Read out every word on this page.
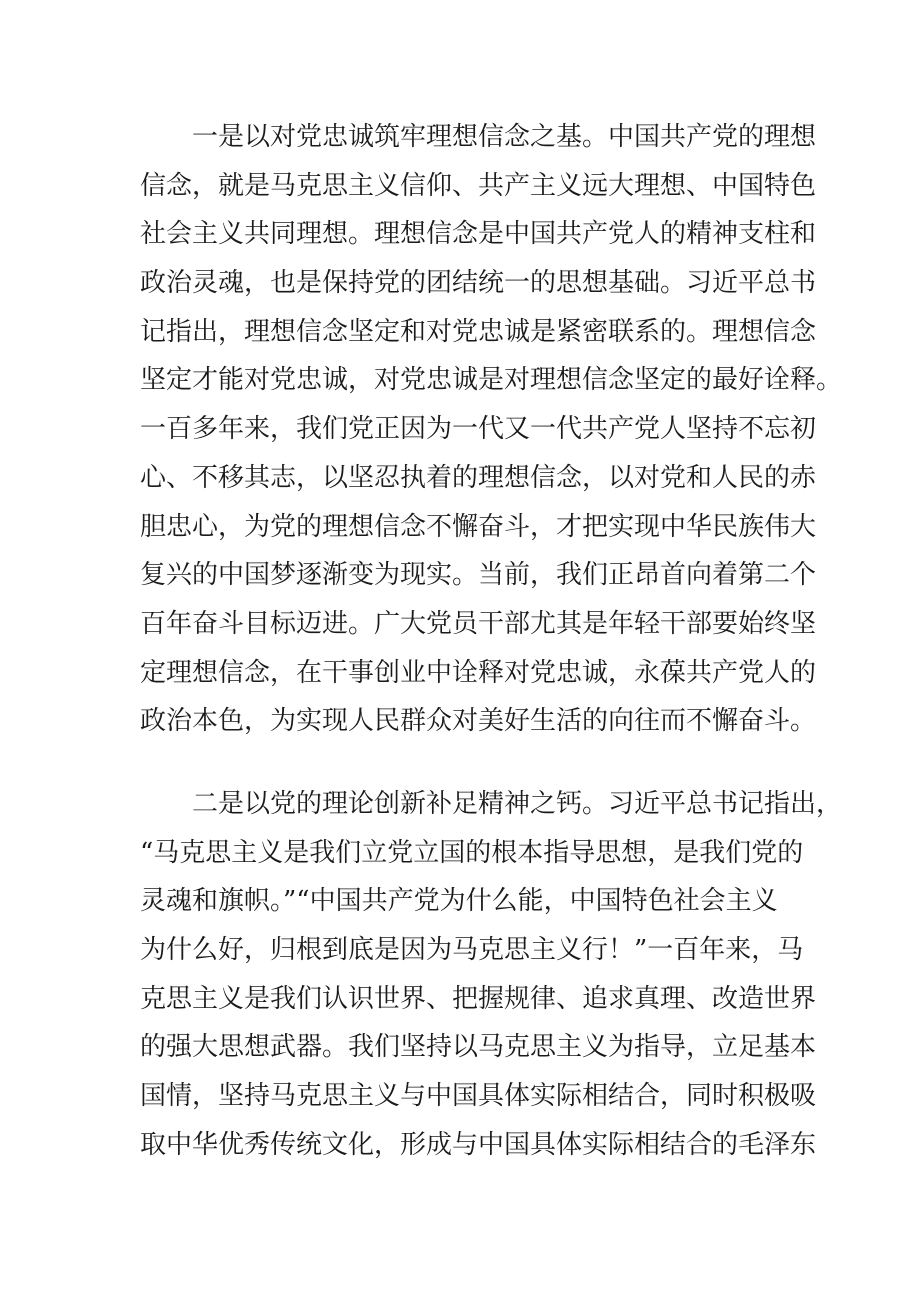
一是以对党忠诚筑牢理想信念之基。中国共产党的理想
信念，就是马克思主义信仰、共产主义远大理想、中国特色
社会主义共同理想。理想信念是中国共产党人的精神支柱和
政治灵魂，也是保持党的团结统一的思想基础。习近平总书
记指出，理想信念坚定和对党忠诚是紧密联系的。理想信念
坚定才能对党忠诚，对党忠诚是对理想信念坚定的最好诠释。
一百多年来，我们党正因为一代又一代共产党人坚持不忘初
心、不移其志，以坚忍执着的理想信念，以对党和人民的赤
胆忠心，为党的理想信念不懈奋斗，才把实现中华民族伟大
复兴的中国梦逐渐变为现实。当前，我们正昂首向着第二个
百年奋斗目标迈进。广大党员干部尤其是年轻干部要始终坚
定理想信念，在干事创业中诠释对党忠诚，永葆共产党人的
政治本色，为实现人民群众对美好生活的向往而不懈奋斗。
二是以党的理论创新补足精神之钙。习近平总书记指出，
“马克思主义是我们立党立国的根本指导思想，是我们党的
灵魂和旗帜。”“中国共产党为什么能，中国特色社会主义
为什么好，归根到底是因为马克思主义行！”一百年来，马
克思主义是我们认识世界、把握规律、追求真理、改造世界
的强大思想武器。我们坚持以马克思主义为指导，立足基本
国情，坚持马克思主义与中国具体实际相结合，同时积极吸
取中华优秀传统文化，形成与中国具体实际相结合的毛泽东
